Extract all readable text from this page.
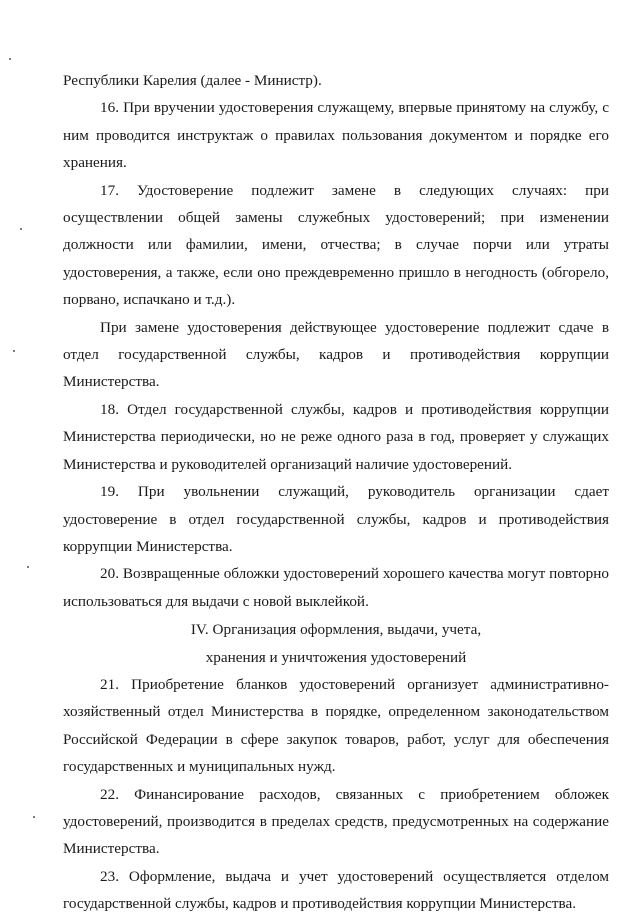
Республики Карелия (далее - Министр).

16. При вручении удостоверения служащему, впервые принятому на службу, с ним проводится инструктаж о правилах пользования документом и порядке его хранения.

17. Удостоверение подлежит замене в следующих случаях: при осуществлении общей замены служебных удостоверений; при изменении должности или фамилии, имени, отчества; в случае порчи или утраты удостоверения, а также, если оно преждевременно пришло в негодность (обгорело, порвано, испачкано и т.д.).

При замене удостоверения действующее удостоверение подлежит сдаче в отдел государственной службы, кадров и противодействия коррупции Министерства.

18. Отдел государственной службы, кадров и противодействия коррупции Министерства периодически, но не реже одного раза в год, проверяет у служащих Министерства и руководителей организаций наличие удостоверений.

19. При увольнении служащий, руководитель организации сдает удостоверение в отдел государственной службы, кадров и противодействия коррупции Министерства.

20. Возвращенные обложки удостоверений хорошего качества могут повторно использоваться для выдачи с новой выклейкой.

IV. Организация оформления, выдачи, учета,

хранения и уничтожения удостоверений

21. Приобретение бланков удостоверений организует административно-хозяйственный отдел Министерства в порядке, определенном законодательством Российской Федерации в сфере закупок товаров, работ, услуг для обеспечения государственных и муниципальных нужд.

22. Финансирование расходов, связанных с приобретением обложек удостоверений, производится в пределах средств, предусмотренных на содержание Министерства.

23. Оформление, выдача и учет удостоверений осуществляется отделом государственной службы, кадров и противодействия коррупции Министерства.
